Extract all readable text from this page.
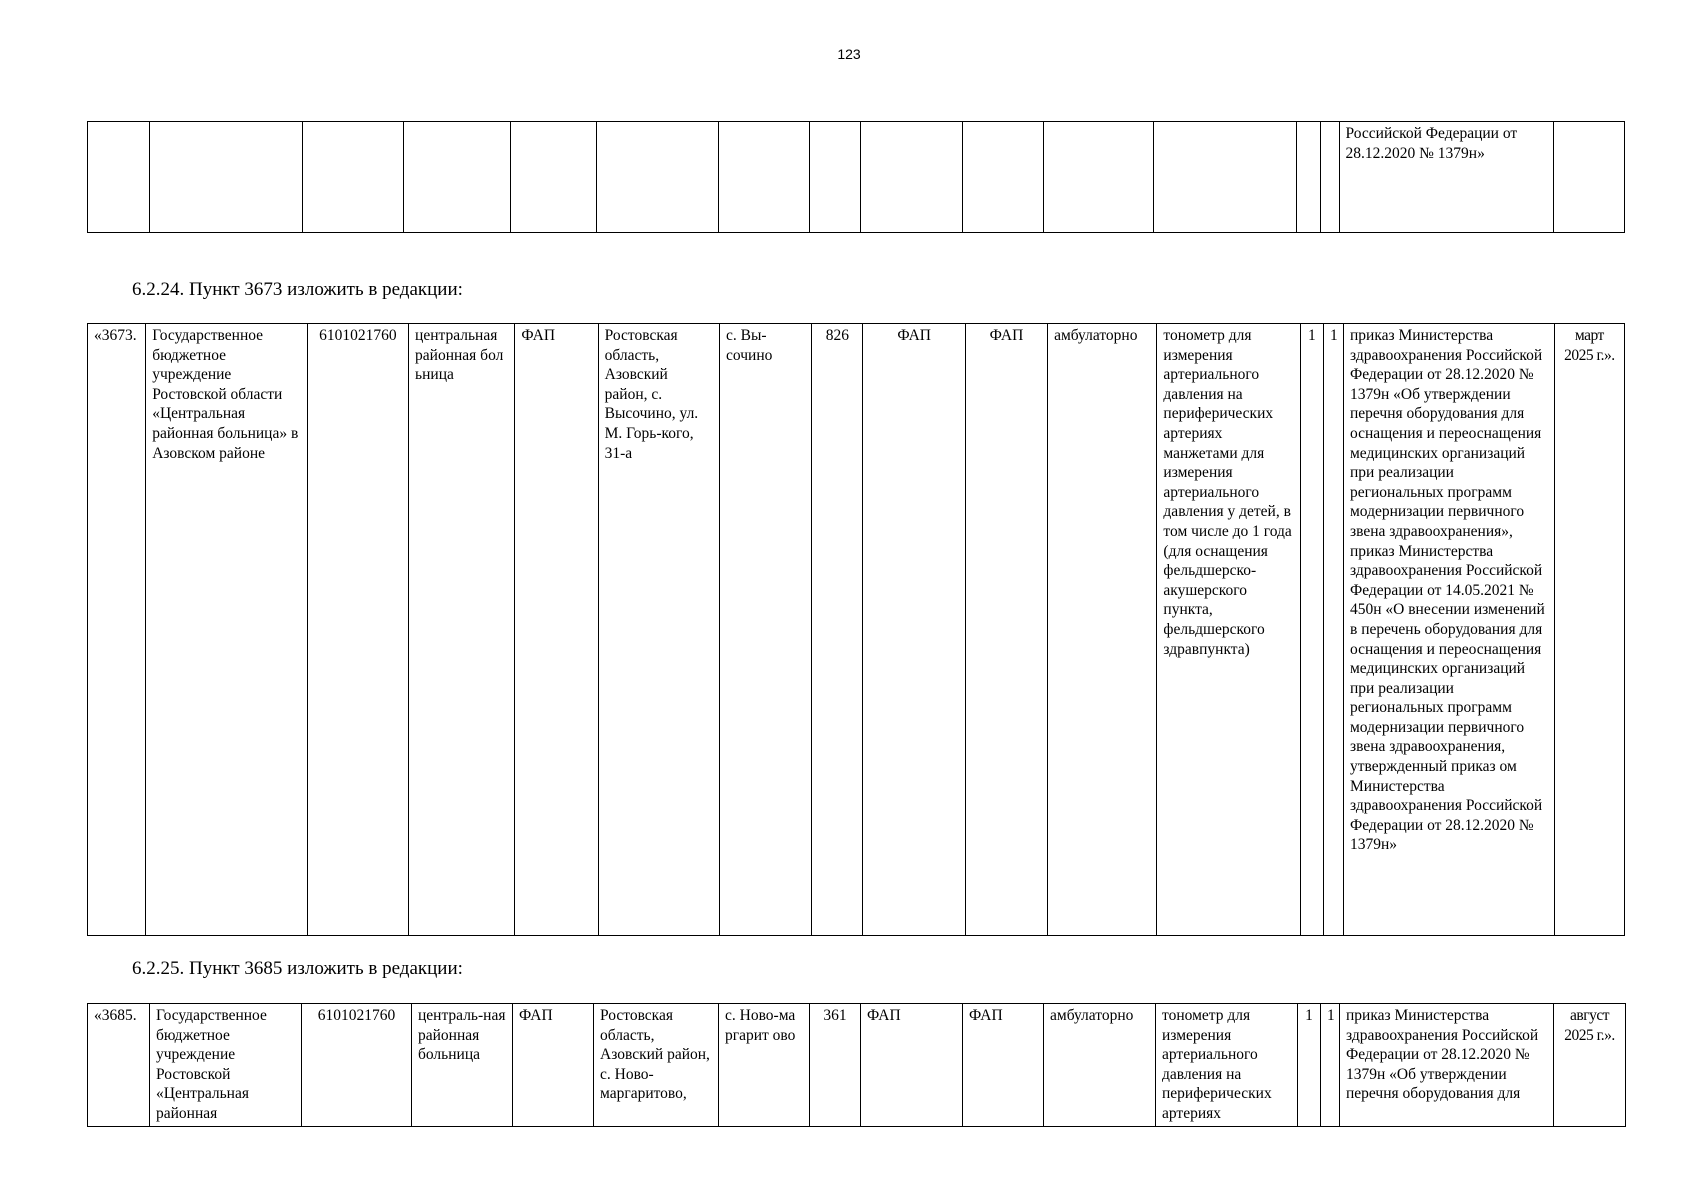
123
														Российской Федерации от 28.12.2020 № 1379н»	

6.2.24. Пункт 3673 изложить в редакции:

«3673.	Государственное бюджетное учреждение Ростовской области «Центральная районная больница» в Азовском районе	6101021760	центральная районная больница	ФАП	Ростовская область, Азовский район, с. Высочино, ул. М. Горь-кого, 31-а	с. Вы-сочино	826	ФАП	ФАП	амбулаторно	тонометр для измерения артериального давления на периферических артериях манжетами для измерения артериального давления у детей, в том числе до 1 года (для оснащения фельдшерско-акушерского пункта, фельдшерского здравпункта)	1	1	приказ Министерства здравоохранения Российской Федерации от 28.12.2020 № 1379н «Об утверждении перечня оборудования для оснащения и переоснащения медицинских организаций при реализации региональных программ модернизации первичного звена здравоохранения», приказ Министерства здравоохранения Российской Федерации от 14.05.2021 № 450н «О внесении изменений в перечень оборудования для оснащения и переоснащения медицинских организаций при реализации региональных программ модернизации первичного звена здравоохранения, утвержденный приказ ом Министерства здравоохранения Российской Федерации от 28.12.2020 № 1379н»	март 2025 г.».

6.2.25. Пункт 3685 изложить в редакции:

«3685.	Государственное бюджетное учреждение Ростовской «Центральная районная	6101021760	централь-ная районная больница	ФАП	Ростовская область, Азовский район, с. Ново-маргаритово,	с. Ново-маргарит ово	361	ФАП	ФАП	амбулаторно	тонометр для измерения артериального давления на периферических артериях	1	1	приказ Министерства здравоохранения Российской Федерации от 28.12.2020 № 1379н «Об утверждении перечня оборудования для	август 2025 г.».
